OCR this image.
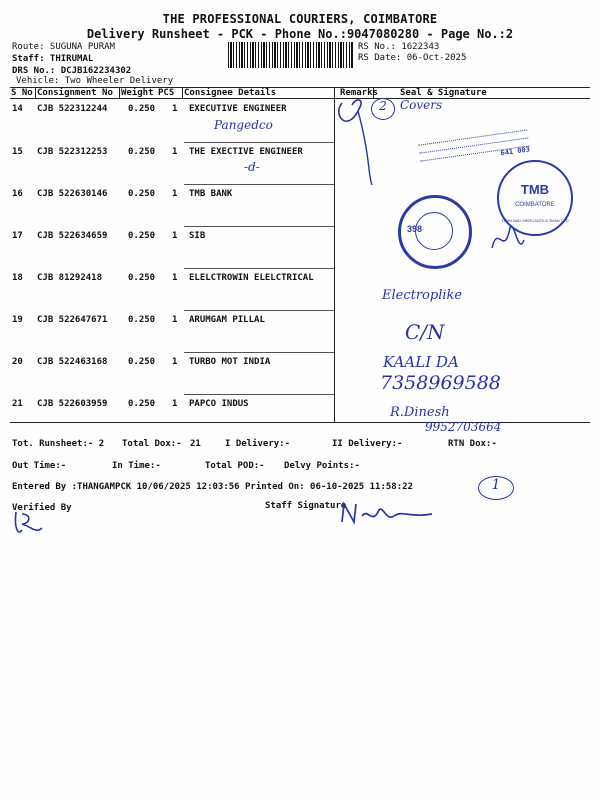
THE PROFESSIONAL COURIERS, COIMBATORE
Delivery Runsheet - PCK - Phone No.:9047080280 - Page No.:2
Route: SUGUNA PURAM
Staff: THIRUMAL
DRS No.: DCJB162234302
Vehicle: Two Wheeler Delivery
RS No.: 1622343
RS Date: 06-Oct-2025
S No Consignment No Weight PCS Consignee Details	Remarks Seal & Signature
14 CJB 522312244 0.250 1 EXECUTIVE ENGINEER
15 CJB 522312253 0.250 1 THE EXECTIVE ENGINEER
16 CJB 522630146 0.250 1 TMB BANK
17 CJB 522634659 0.250 1 SIB
18 CJB 81292418	0.250 1 ELELCTROWIN ELELCTRICAL
19 CJB 522647671 0.250 1 ARUMGAM PILLAL
20 CJB 522463168 0.250 1 TURBO MOT INDIA
21 CJB 522603959 0.250 1 PAPCO INDUS
Pangedco
-d-
Electroplike
C/N
KAALI DA
7358969588
R.Dinesh
9952703664
Covers
2
TMB
COIMBATORE
TAMILNAD MERCANTILE BANK LTD
398
641 003
Tot. Runsheet:- 2 Total Dox:- 21	I Delivery:-	II Delivery:-	RTN Dox:-
Out Time:-	In Time:-	Total POD:- Delvy Points:-
Entered By :THANGAMPCK 10/06/2025 12:03:56 Printed On: 06-10-2025 11:58:22	1
Verified By	Staff Signature
